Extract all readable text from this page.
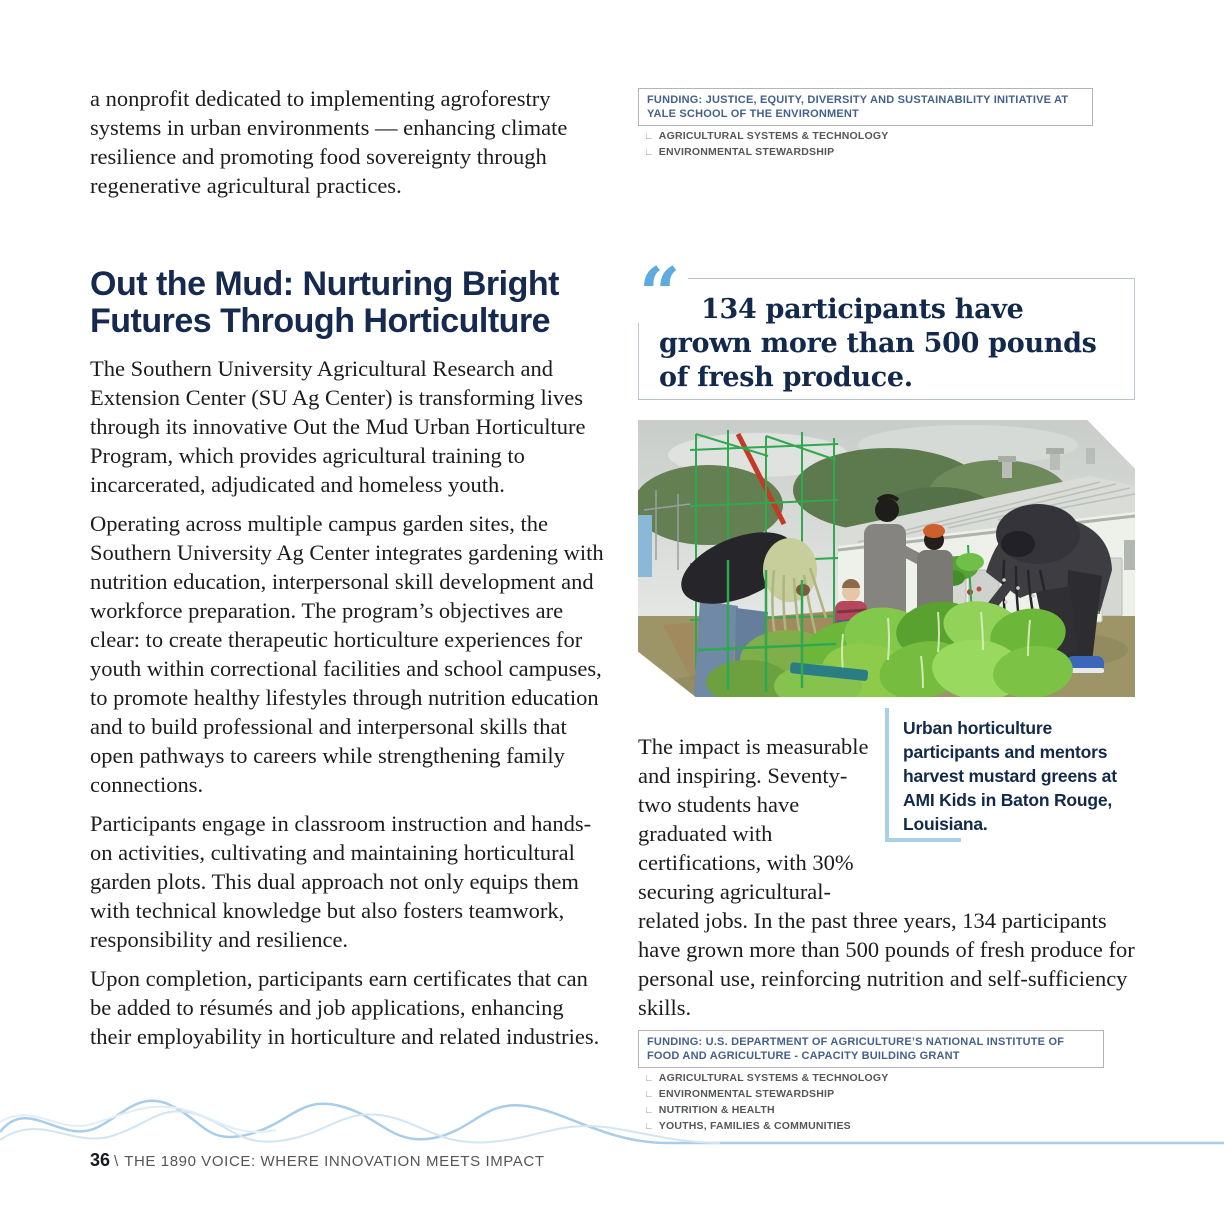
a nonprofit dedicated to implementing agroforestry systems in urban environments — enhancing climate resilience and promoting food sovereignty through regenerative agricultural practices.

Out the Mud: Nurturing Bright Futures Through Horticulture

The Southern University Agricultural Research and Extension Center (SU Ag Center) is transforming lives through its innovative Out the Mud Urban Horticulture Program, which provides agricultural training to incarcerated, adjudicated and homeless youth.

Operating across multiple campus garden sites, the Southern University Ag Center integrates gardening with nutrition education, interpersonal skill development and workforce preparation. The program’s objectives are clear: to create therapeutic horticulture experiences for youth within correctional facilities and school campuses, to promote healthy lifestyles through nutrition education and to build professional and interpersonal skills that open pathways to careers while strengthening family connections.

Participants engage in classroom instruction and hands-on activities, cultivating and maintaining horticultural garden plots. This dual approach not only equips them with technical knowledge but also fosters teamwork, responsibility and resilience.

Upon completion, participants earn certificates that can be added to résumés and job applications, enhancing their employability in horticulture and related industries.

FUNDING: JUSTICE, EQUITY, DIVERSITY AND SUSTAINABILITY INITIATIVE AT YALE SCHOOL OF THE ENVIRONMENT
∟ AGRICULTURAL SYSTEMS & TECHNOLOGY
∟ ENVIRONMENTAL STEWARDSHIP
“ 134 participants have grown more than 500 pounds of fresh produce.

Urban horticulture participants and mentors harvest mustard greens at AMI Kids in Baton Rouge, Louisiana.

The impact is measurable and inspiring. Seventy-two students have graduated with certifications, with 30% securing agricultural-related jobs. In the past three years, 134 participants have grown more than 500 pounds of fresh produce for personal use, reinforcing nutrition and self-sufficiency skills.

FUNDING: U.S. DEPARTMENT OF AGRICULTURE’S NATIONAL INSTITUTE OF FOOD AND AGRICULTURE - CAPACITY BUILDING GRANT
∟ AGRICULTURAL SYSTEMS & TECHNOLOGY
∟ ENVIRONMENTAL STEWARDSHIP
∟ NUTRITION & HEALTH
∟ YOUTHS, FAMILIES & COMMUNITIES
36 \ THE 1890 VOICE: WHERE INNOVATION MEETS IMPACT
